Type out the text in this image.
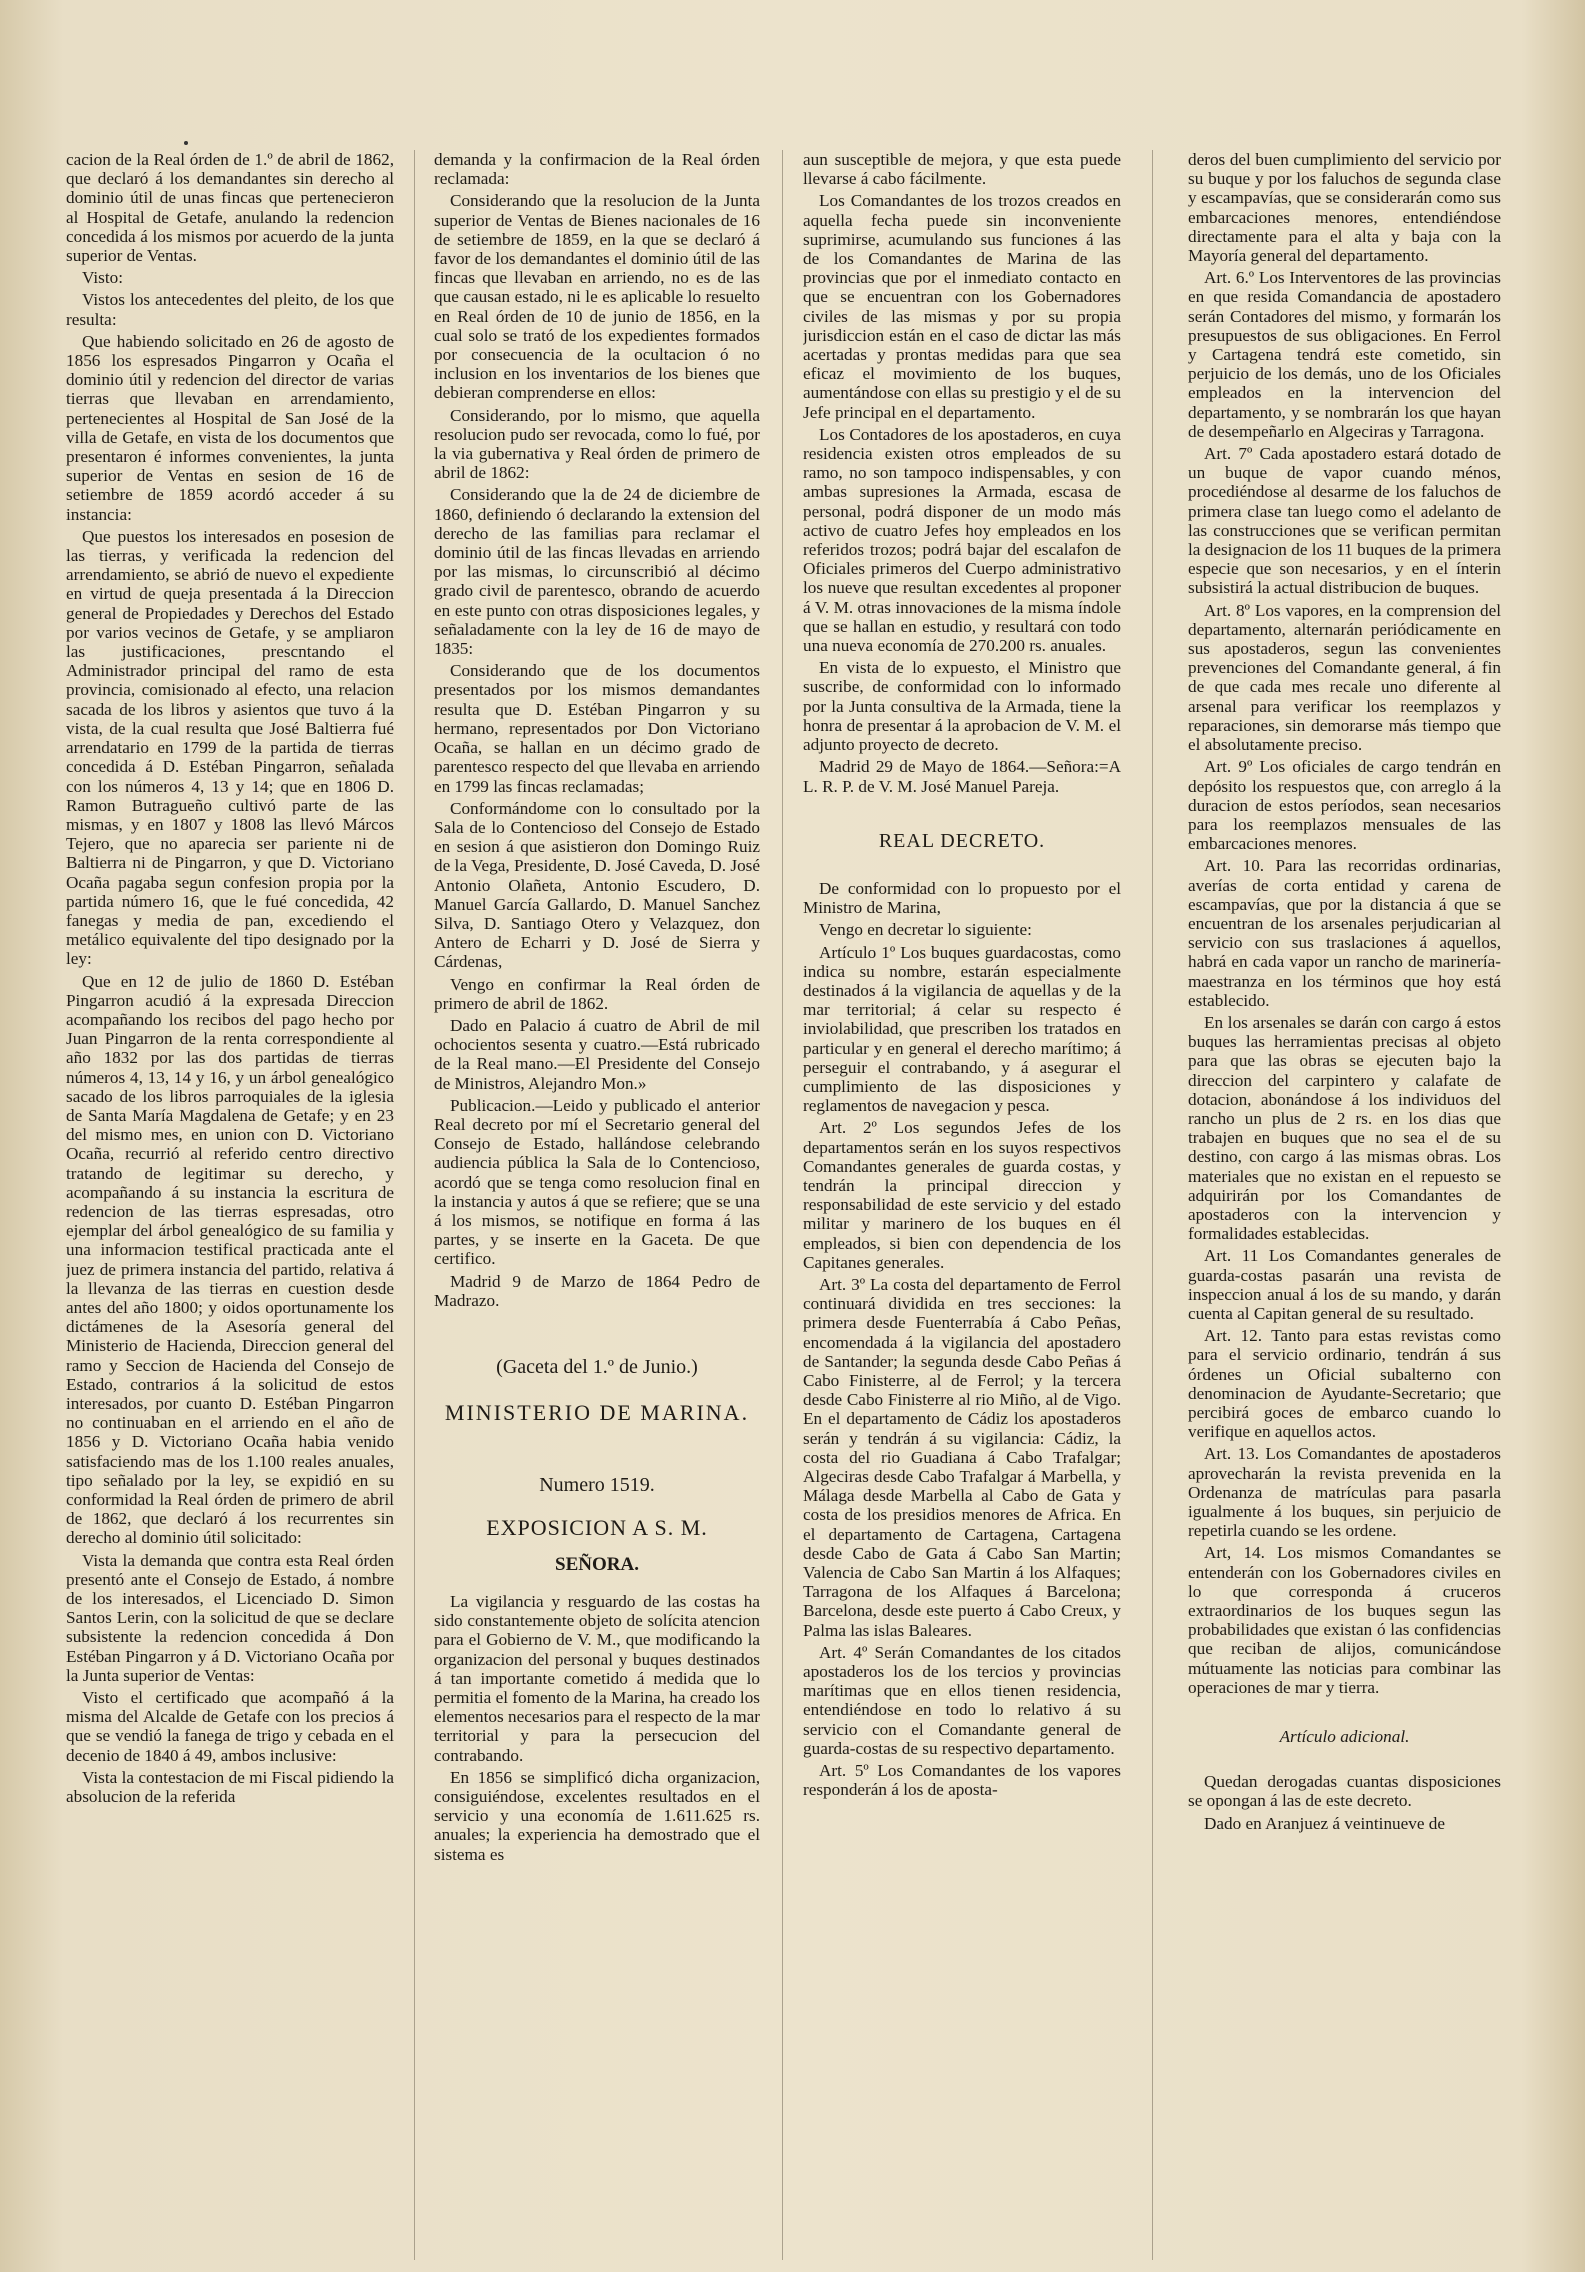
cacion de la Real órden de 1.º de abril de 1862, que declaró á los demandantes sin derecho al dominio útil de unas fincas que pertenecieron al Hospital de Getafe, anulando la redencion concedida á los mismos por acuerdo de la junta superior de Ventas.

Visto:

Vistos los antecedentes del pleito, de los que resulta:

Que habiendo solicitado en 26 de agosto de 1856 los espresados Pingarron y Ocaña el dominio útil y redencion del director de varias tierras que llevaban en arrendamiento, pertenecientes al Hospital de San José de la villa de Getafe, en vista de los documentos que presentaron é informes convenientes, la junta superior de Ventas en sesion de 16 de setiembre de 1859 acordó acceder á su instancia:

Que puestos los interesados en posesion de las tierras, y verificada la redencion del arrendamiento, se abrió de nuevo el expediente en virtud de queja presentada á la Direccion general de Propiedades y Derechos del Estado por varios vecinos de Getafe, y se ampliaron las justificaciones, prescntando el Administrador principal del ramo de esta provincia, comisionado al efecto, una relacion sacada de los libros y asientos que tuvo á la vista, de la cual resulta que José Baltierra fué arrendatario en 1799 de la partida de tierras concedida á D. Estéban Pingarron, señalada con los números 4, 13 y 14; que en 1806 D. Ramon Butragueño cultivó parte de las mismas, y en 1807 y 1808 las llevó Márcos Tejero, que no aparecia ser pariente ni de Baltierra ni de Pingarron, y que D. Victoriano Ocaña pagaba segun confesion propia por la partida número 16, que le fué concedida, 42 fanegas y media de pan, excediendo el metálico equivalente del tipo designado por la ley:

Que en 12 de julio de 1860 D. Estéban Pingarron acudió á la expresada Direccion acompañando los recibos del pago hecho por Juan Pingarron de la renta correspondiente al año 1832 por las dos partidas de tierras números 4, 13, 14 y 16, y un árbol genealógico sacado de los libros parroquiales de la iglesia de Santa María Magdalena de Getafe; y en 23 del mismo mes, en union con D. Victoriano Ocaña, recurrió al referido centro directivo tratando de legitimar su derecho, y acompañando á su instancia la escritura de redencion de las tierras espresadas, otro ejemplar del árbol genealógico de su familia y una informacion testifical practicada ante el juez de primera instancia del partido, relativa á la llevanza de las tierras en cuestion desde antes del año 1800; y oidos oportunamente los dictámenes de la Asesoría general del Ministerio de Hacienda, Direccion general del ramo y Seccion de Hacienda del Consejo de Estado, contrarios á la solicitud de estos interesados, por cuanto D. Estéban Pingarron no continuaban en el arriendo en el año de 1856 y D. Victoriano Ocaña habia venido satisfaciendo mas de los 1.100 reales anuales, tipo señalado por la ley, se expidió en su conformidad la Real órden de primero de abril de 1862, que declaró á los recurrentes sin derecho al dominio útil solicitado:

Vista la demanda que contra esta Real órden presentó ante el Consejo de Estado, á nombre de los interesados, el Licenciado D. Simon Santos Lerin, con la solicitud de que se declare subsistente la redencion concedida á Don Estéban Pingarron y á D. Victoriano Ocaña por la Junta superior de Ventas:

Visto el certificado que acompañó á la misma del Alcalde de Getafe con los precios á que se vendió la fanega de trigo y cebada en el decenio de 1840 á 49, ambos inclusive:

Vista la contestacion de mi Fiscal pidiendo la absolucion de la referida

demanda y la confirmacion de la Real órden reclamada:

Considerando que la resolucion de la Junta superior de Ventas de Bienes nacionales de 16 de setiembre de 1859, en la que se declaró á favor de los demandantes el dominio útil de las fincas que llevaban en arriendo, no es de las que causan estado, ni le es aplicable lo resuelto en Real órden de 10 de junio de 1856, en la cual solo se trató de los expedientes formados por consecuencia de la ocultacion ó no inclusion en los inventarios de los bienes que debieran comprenderse en ellos:

Considerando, por lo mismo, que aquella resolucion pudo ser revocada, como lo fué, por la via gubernativa y Real órden de primero de abril de 1862:

Considerando que la de 24 de diciembre de 1860, definiendo ó declarando la extension del derecho de las familias para reclamar el dominio útil de las fincas llevadas en arriendo por las mismas, lo circunscribió al décimo grado civil de parentesco, obrando de acuerdo en este punto con otras disposiciones legales, y señaladamente con la ley de 16 de mayo de 1835:

Considerando que de los documentos presentados por los mismos demandantes resulta que D. Estéban Pingarron y su hermano, representados por Don Victoriano Ocaña, se hallan en un décimo grado de parentesco respecto del que llevaba en arriendo en 1799 las fincas reclamadas;

Conformándome con lo consultado por la Sala de lo Contencioso del Consejo de Estado en sesion á que asistieron don Domingo Ruiz de la Vega, Presidente, D. José Caveda, D. José Antonio Olañeta, Antonio Escudero, D. Manuel García Gallardo, D. Manuel Sanchez Silva, D. Santiago Otero y Velazquez, don Antero de Echarri y D. José de Sierra y Cárdenas,

Vengo en confirmar la Real órden de primero de abril de 1862.

Dado en Palacio á cuatro de Abril de mil ochocientos sesenta y cuatro.—Está rubricado de la Real mano.—El Presidente del Consejo de Ministros, Alejandro Mon.»

Publicacion.—Leido y publicado el anterior Real decreto por mí el Secretario general del Consejo de Estado, hallándose celebrando audiencia pública la Sala de lo Contencioso, acordó que se tenga como resolucion final en la instancia y autos á que se refiere; que se una á los mismos, se notifique en forma á las partes, y se inserte en la Gaceta. De que certifico.

Madrid 9 de Marzo de 1864 Pedro de Madrazo.

(Gaceta del 1.º de Junio.)

MINISTERIO DE MARINA.

Numero 1519.

EXPOSICION A S. M.

SEÑORA.

La vigilancia y resguardo de las costas ha sido constantemente objeto de solícita atencion para el Gobierno de V. M., que modificando la organizacion del personal y buques destinados á tan importante cometido á medida que lo permitia el fomento de la Marina, ha creado los elementos necesarios para el respecto de la mar territorial y para la persecucion del contrabando.

En 1856 se simplificó dicha organizacion, consiguiéndose, excelentes resultados en el servicio y una economía de 1.611.625 rs. anuales; la experiencia ha demostrado que el sistema es

aun susceptible de mejora, y que esta puede llevarse á cabo fácilmente.

Los Comandantes de los trozos creados en aquella fecha puede sin inconveniente suprimirse, acumulando sus funciones á las de los Comandantes de Marina de las provincias que por el inmediato contacto en que se encuentran con los Gobernadores civiles de las mismas y por su propia jurisdiccion están en el caso de dictar las más acertadas y prontas medidas para que sea eficaz el movimiento de los buques, aumentándose con ellas su prestigio y el de su Jefe principal en el departamento.

Los Contadores de los apostaderos, en cuya residencia existen otros empleados de su ramo, no son tampoco indispensables, y con ambas supresiones la Armada, escasa de personal, podrá disponer de un modo más activo de cuatro Jefes hoy empleados en los referidos trozos; podrá bajar del escalafon de Oficiales primeros del Cuerpo administrativo los nueve que resultan excedentes al proponer á V. M. otras innovaciones de la misma índole que se hallan en estudio, y resultará con todo una nueva economía de 270.200 rs. anuales.

En vista de lo expuesto, el Ministro que suscribe, de conformidad con lo informado por la Junta consultiva de la Armada, tiene la honra de presentar á la aprobacion de V. M. el adjunto proyecto de decreto.

Madrid 29 de Mayo de 1864.—Señora:=A L. R. P. de V. M. José Manuel Pareja.

REAL DECRETO.

De conformidad con lo propuesto por el Ministro de Marina,

Vengo en decretar lo siguiente:

Artículo 1º Los buques guardacostas, como indica su nombre, estarán especialmente destinados á la vigilancia de aquellas y de la mar territorial; á celar su respecto é inviolabilidad, que prescriben los tratados en particular y en general el derecho marítimo; á perseguir el contrabando, y á asegurar el cumplimiento de las disposiciones y reglamentos de navegacion y pesca.

Art. 2º Los segundos Jefes de los departamentos serán en los suyos respectivos Comandantes generales de guarda costas, y tendrán la principal direccion y responsabilidad de este servicio y del estado militar y marinero de los buques en él empleados, si bien con dependencia de los Capitanes generales.

Art. 3º La costa del departamento de Ferrol continuará dividida en tres secciones: la primera desde Fuenterrabía á Cabo Peñas, encomendada á la vigilancia del apostadero de Santander; la segunda desde Cabo Peñas á Cabo Finisterre, al de Ferrol; y la tercera desde Cabo Finisterre al rio Miño, al de Vigo. En el departamento de Cádiz los apostaderos serán y tendrán á su vigilancia: Cádiz, la costa del rio Guadiana á Cabo Trafalgar; Algeciras desde Cabo Trafalgar á Marbella, y Málaga desde Marbella al Cabo de Gata y costa de los presidios menores de Africa. En el departamento de Cartagena, Cartagena desde Cabo de Gata á Cabo San Martin; Valencia de Cabo San Martin á los Alfaques; Tarragona de los Alfaques á Barcelona; Barcelona, desde este puerto á Cabo Creux, y Palma las islas Baleares.

Art. 4º Serán Comandantes de los citados apostaderos los de los tercios y provincias marítimas que en ellos tienen residencia, entendiéndose en todo lo relativo á su servicio con el Comandante general de guarda-costas de su respectivo departamento.

Art. 5º Los Comandantes de los vapores responderán á los de aposta-

deros del buen cumplimiento del servicio por su buque y por los faluchos de segunda clase y escampavías, que se considerarán como sus embarcaciones menores, entendiéndose directamente para el alta y baja con la Mayoría general del departamento.

Art. 6.º Los Interventores de las provincias en que resida Comandancia de apostadero serán Contadores del mismo, y formarán los presupuestos de sus obligaciones. En Ferrol y Cartagena tendrá este cometido, sin perjuicio de los demás, uno de los Oficiales empleados en la intervencion del departamento, y se nombrarán los que hayan de desempeñarlo en Algeciras y Tarragona.

Art. 7º Cada apostadero estará dotado de un buque de vapor cuando ménos, procediéndose al desarme de los faluchos de primera clase tan luego como el adelanto de las construcciones que se verifican permitan la designacion de los 11 buques de la primera especie que son necesarios, y en el ínterin subsistirá la actual distribucion de buques.

Art. 8º Los vapores, en la comprension del departamento, alternarán periódicamente en sus apostaderos, segun las convenientes prevenciones del Comandante general, á fin de que cada mes recale uno diferente al arsenal para verificar los reemplazos y reparaciones, sin demorarse más tiempo que el absolutamente preciso.

Art. 9º Los oficiales de cargo tendrán en depósito los respuestos que, con arreglo á la duracion de estos períodos, sean necesarios para los reemplazos mensuales de las embarcaciones menores.

Art. 10. Para las recorridas ordinarias, averías de corta entidad y carena de escampavías, que por la distancia á que se encuentran de los arsenales perjudicarian al servicio con sus traslaciones á aquellos, habrá en cada vapor un rancho de marinería-maestranza en los términos que hoy está establecido.

En los arsenales se darán con cargo á estos buques las herramientas precisas al objeto para que las obras se ejecuten bajo la direccion del carpintero y calafate de dotacion, abonándose á los individuos del rancho un plus de 2 rs. en los dias que trabajen en buques que no sea el de su destino, con cargo á las mismas obras. Los materiales que no existan en el repuesto se adquirirán por los Comandantes de apostaderos con la intervencion y formalidades establecidas.

Art. 11 Los Comandantes generales de guarda-costas pasarán una revista de inspeccion anual á los de su mando, y darán cuenta al Capitan general de su resultado.

Art. 12. Tanto para estas revistas como para el servicio ordinario, tendrán á sus órdenes un Oficial subalterno con denominacion de Ayudante-Secretario; que percibirá goces de embarco cuando lo verifique en aquellos actos.

Art. 13. Los Comandantes de apostaderos aprovecharán la revista prevenida en la Ordenanza de matrículas para pasarla igualmente á los buques, sin perjuicio de repetirla cuando se les ordene.

Art, 14. Los mismos Comandantes se entenderán con los Gobernadores civiles en lo que corresponda á cruceros extraordinarios de los buques segun las probabilidades que existan ó las confidencias que reciban de alijos, comunicándose mútuamente las noticias para combinar las operaciones de mar y tierra.

Artículo adicional.

Quedan derogadas cuantas disposiciones se opongan á las de este decreto.

Dado en Aranjuez á veintinueve de
